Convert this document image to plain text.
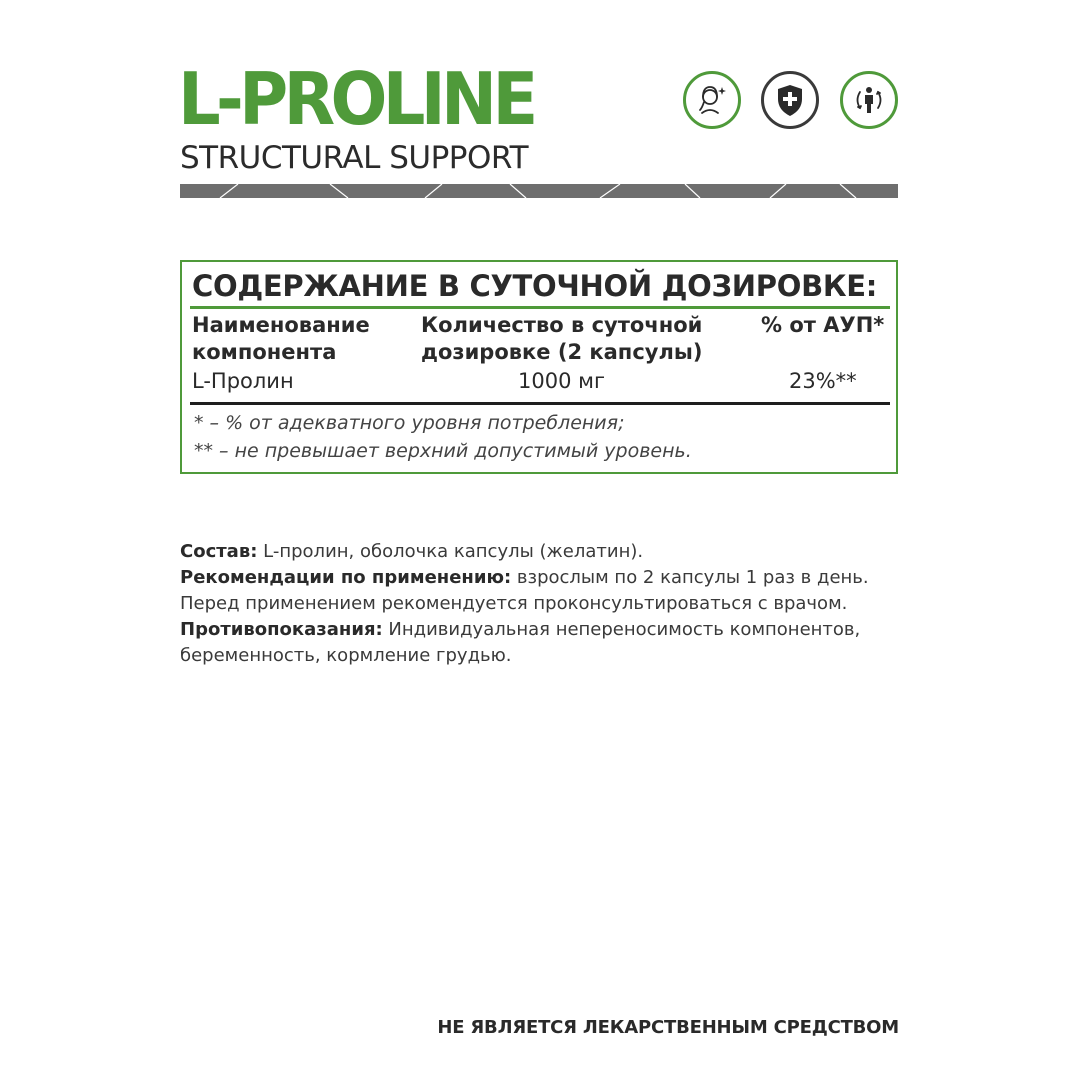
L-PROLINE
STRUCTURAL SUPPORT
СОДЕРЖАНИЕ В СУТОЧНОЙ ДОЗИРОВКЕ:
Наименование
компонента
Количество в суточной
дозировке (2 капсулы)
% от АУП*
L-Пролин	1000 мг	23%**
* – % от адекватного уровня потребления;
** – не превышает верхний допустимый уровень.
Состав: L-пролин, оболочка капсулы (желатин).
Рекомендации по применению: взрослым по 2 капсулы 1 раз в день.
Перед применением рекомендуется проконсультироваться с врачом.
Противопоказания: Индивидуальная непереносимость компонентов,
беременность, кормление грудью.
НЕ ЯВЛЯЕТСЯ ЛЕКАРСТВЕННЫМ СРЕДСТВОМ
